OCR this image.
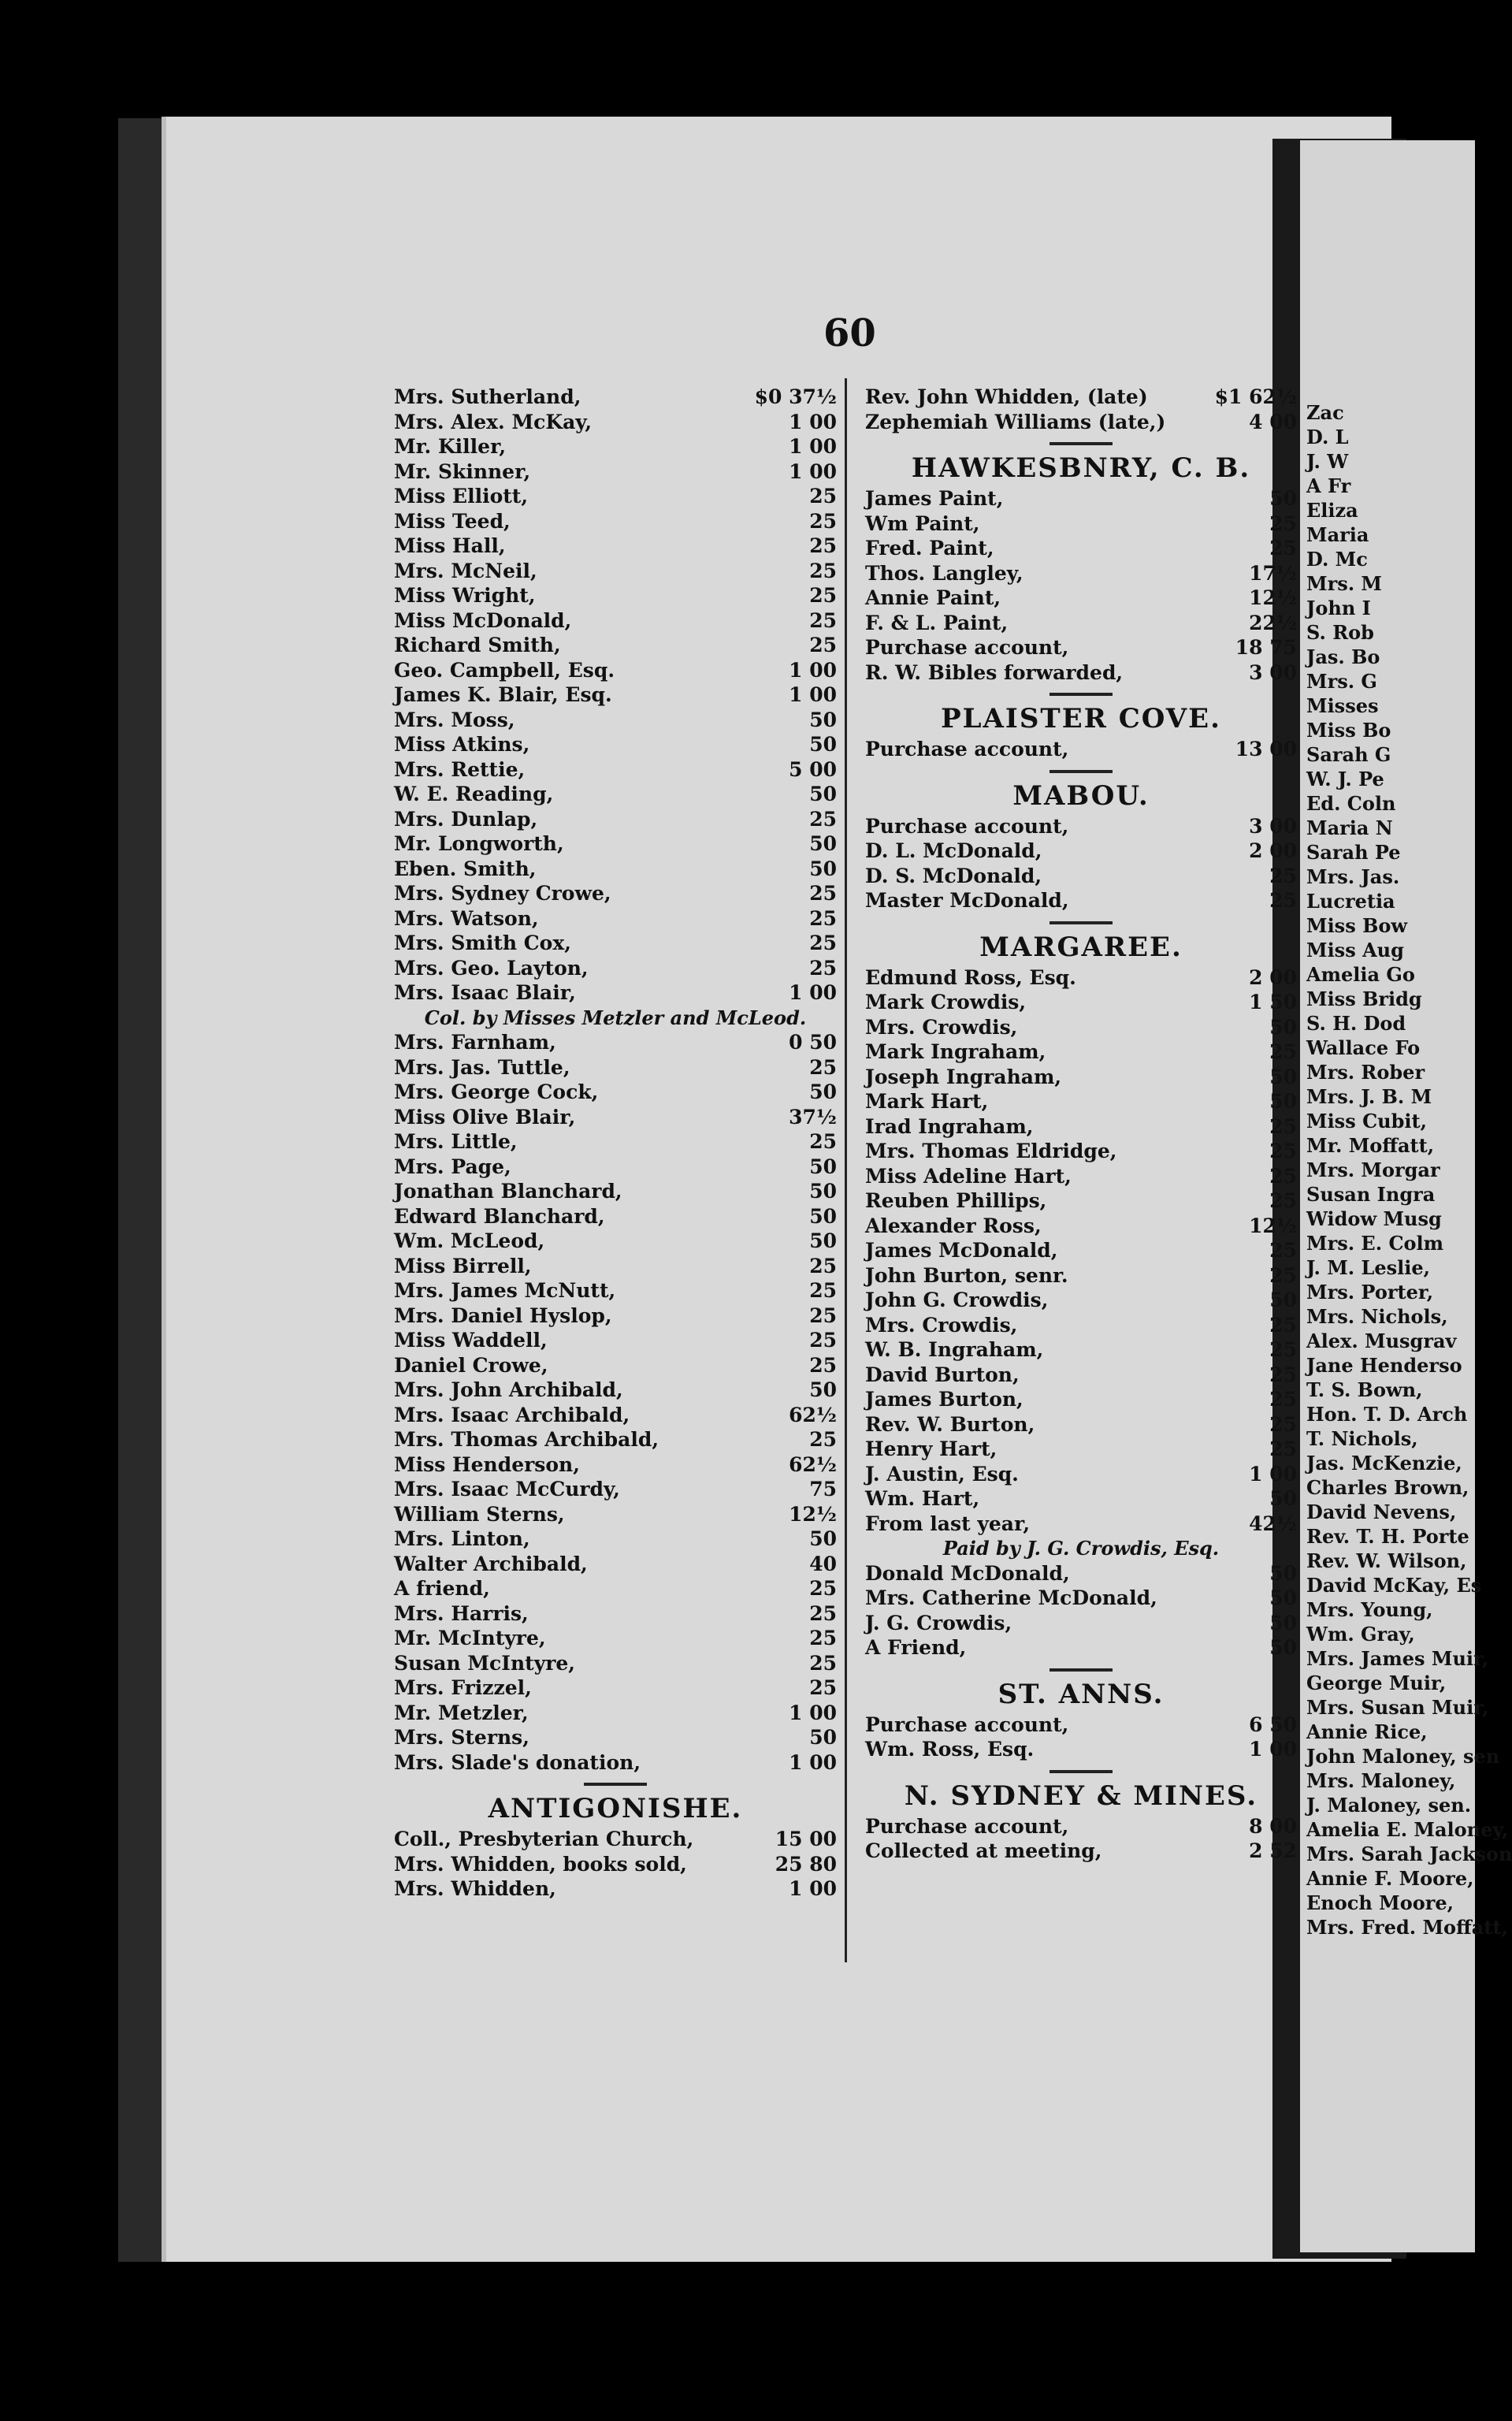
Zac
D. L
J. W
A Fr
Eliza
Maria
D. Mc
Mrs. M
John I
S. Rob
Jas. Bo
Mrs. G
Misses
Miss Bo
Sarah G
W. J. Pe
Ed. Coln
Maria N
Sarah Pe
Mrs. Jas.
Lucretia
Miss Bow
Miss Aug
Amelia Go
Miss Bridg
S. H. Dod
Wallace Fo
Mrs. Rober
Mrs. J. B. M
Miss Cubit,
Mr. Moffatt,
Mrs. Morgar
Susan Ingra
Widow Musg
Mrs. E. Colm
J. M. Leslie,
Mrs. Porter,
Mrs. Nichols,
Alex. Musgrav
Jane Henderso
T. S. Bown,
Hon. T. D. Arch
T. Nichols,
Jas. McKenzie,
Charles Brown,
David Nevens,
Rev. T. H. Porte
Rev. W. Wilson,
David McKay, Es
Mrs. Young,
Wm. Gray,
Mrs. James Muir,
George Muir,
Mrs. Susan Muir,
Annie Rice,
John Maloney, sen
Mrs. Maloney,
J. Maloney, sen.
Amelia E. Maloney,
Mrs. Sarah Jackson
Annie F. Moore,
Enoch Moore,
Mrs. Fred. Moffatt,
60
Mrs. Sutherland,	$0 37½
Mrs. Alex. McKay,	1 00
Mr. Killer,	1 00
Mr. Skinner,	1 00
Miss Elliott,	25
Miss Teed,	25
Miss Hall,	25
Mrs. McNeil,	25
Miss Wright,	25
Miss McDonald,	25
Richard Smith,	25
Geo. Campbell, Esq.	1 00
James K. Blair, Esq.	1 00
Mrs. Moss,	50
Miss Atkins,	50
Mrs. Rettie,	5 00
W. E. Reading,	50
Mrs. Dunlap,	25
Mr. Longworth,	50
Eben. Smith,	50
Mrs. Sydney Crowe,	25
Mrs. Watson,	25
Mrs. Smith Cox,	25
Mrs. Geo. Layton,	25
Mrs. Isaac Blair,	1 00
Col. by Misses Metzler and McLeod.
Mrs. Farnham,	0 50
Mrs. Jas. Tuttle,	25
Mrs. George Cock,	50
Miss Olive Blair,	37½
Mrs. Little,	25
Mrs. Page,	50
Jonathan Blanchard,	50
Edward Blanchard,	50
Wm. McLeod,	50
Miss Birrell,	25
Mrs. James McNutt,	25
Mrs. Daniel Hyslop,	25
Miss Waddell,	25
Daniel Crowe,	25
Mrs. John Archibald,	50
Mrs. Isaac Archibald,	62½
Mrs. Thomas Archibald,	25
Miss Henderson,	62½
Mrs. Isaac McCurdy,	75
William Sterns,	12½
Mrs. Linton,	50
Walter Archibald,	40
A friend,	25
Mrs. Harris,	25
Mr. McIntyre,	25
Susan McIntyre,	25
Mrs. Frizzel,	25
Mr. Metzler,	1 00
Mrs. Sterns,	50
Mrs. Slade's donation,	1 00
ANTIGONISHE.
Coll., Presbyterian Church,	15 00
Mrs. Whidden, books sold,	25 80
Mrs. Whidden,	1 00
Rev. John Whidden, (late)	$1 62½
Zephemiah Williams (late,)	4 00
HAWKESBNRY, C. B.
James Paint,	50
Wm Paint,	25
Fred. Paint,	25
Thos. Langley,	17½
Annie Paint,	12½
F. & L. Paint,	22½
Purchase account,	18 75
R. W. Bibles forwarded,	3 00
PLAISTER COVE.
Purchase account,	13 00
MABOU.
Purchase account,	3 00
D. L. McDonald,	2 00
D. S. McDonald,	25
Master McDonald,	25
MARGAREE.
Edmund Ross, Esq.	2 00
Mark Crowdis,	1 50
Mrs. Crowdis,	50
Mark Ingraham,	25
Joseph Ingraham,	50
Mark Hart,	50
Irad Ingraham,	25
Mrs. Thomas Eldridge,	25
Miss Adeline Hart,	25
Reuben Phillips,	25
Alexander Ross,	12½
James McDonald,	25
John Burton, senr.	25
John G. Crowdis,	50
Mrs. Crowdis,	25
W. B. Ingraham,	25
David Burton,	25
James Burton,	25
Rev. W. Burton,	25
Henry Hart,	25
J. Austin, Esq.	1 00
Wm. Hart,	50
From last year,	42½
Paid by J. G. Crowdis, Esq.
Donald McDonald,	50
Mrs. Catherine McDonald,	50
J. G. Crowdis,	50
A Friend,	50
ST. ANNS.
Purchase account,	6 50
Wm. Ross, Esq.	1 00
N. SYDNEY & MINES.
Purchase account,	8 00
Collected at meeting,	2 52
